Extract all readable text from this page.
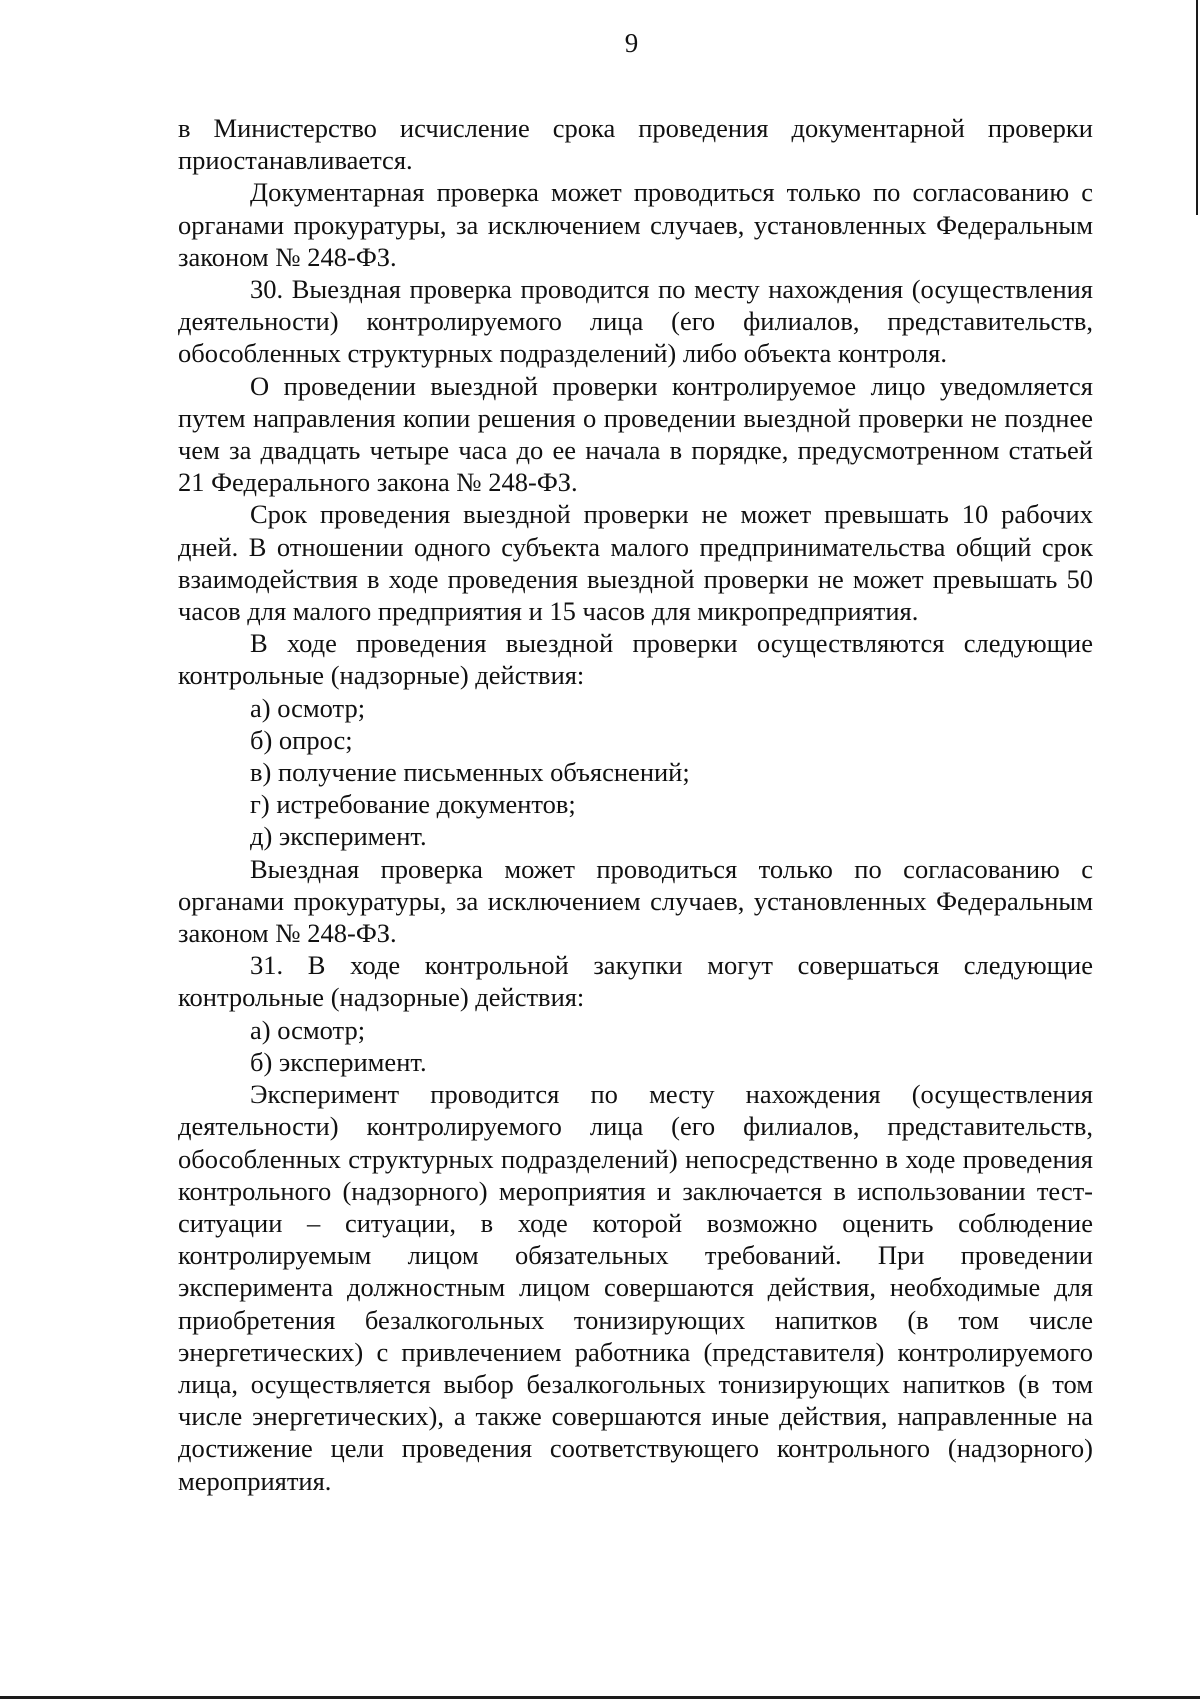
9

в Министерство исчисление срока проведения документарной проверки приостанавливается.

Документарная проверка может проводиться только по согласованию с органами прокуратуры, за исключением случаев, установленных Федеральным законом № 248-ФЗ.

30. Выездная проверка проводится по месту нахождения (осуществления деятельности) контролируемого лица (его филиалов, представительств, обособленных структурных подразделений) либо объекта контроля.

О проведении выездной проверки контролируемое лицо уведомляется путем направления копии решения о проведении выездной проверки не позднее чем за двадцать четыре часа до ее начала в порядке, предусмотренном статьей 21 Федерального закона № 248-ФЗ.

Срок проведения выездной проверки не может превышать 10 рабочих дней. В отношении одного субъекта малого предпринимательства общий срок взаимодействия в ходе проведения выездной проверки не может превышать 50 часов для малого предприятия и 15 часов для микропредприятия.

В ходе проведения выездной проверки осуществляются следующие контрольные (надзорные) действия:

а) осмотр;

б) опрос;

в) получение письменных объяснений;

г) истребование документов;

д) эксперимент.

Выездная проверка может проводиться только по согласованию с органами прокуратуры, за исключением случаев, установленных Федеральным законом № 248-ФЗ.

31. В ходе контрольной закупки могут совершаться следующие контрольные (надзорные) действия:

а) осмотр;

б) эксперимент.

Эксперимент проводится по месту нахождения (осуществления деятельности) контролируемого лица (его филиалов, представительств, обособленных структурных подразделений) непосредственно в ходе проведения контрольного (надзорного) мероприятия и заключается в использовании тест-ситуации – ситуации, в ходе которой возможно оценить соблюдение контролируемым лицом обязательных требований. При проведении эксперимента должностным лицом совершаются действия, необходимые для приобретения безалкогольных тонизирующих напитков (в том числе энергетических) с привлечением работника (представителя) контролируемого лица, осуществляется выбор безалкогольных тонизирующих напитков (в том числе энергетических), а также совершаются иные действия, направленные на достижение цели проведения соответствующего контрольного (надзорного) мероприятия.
